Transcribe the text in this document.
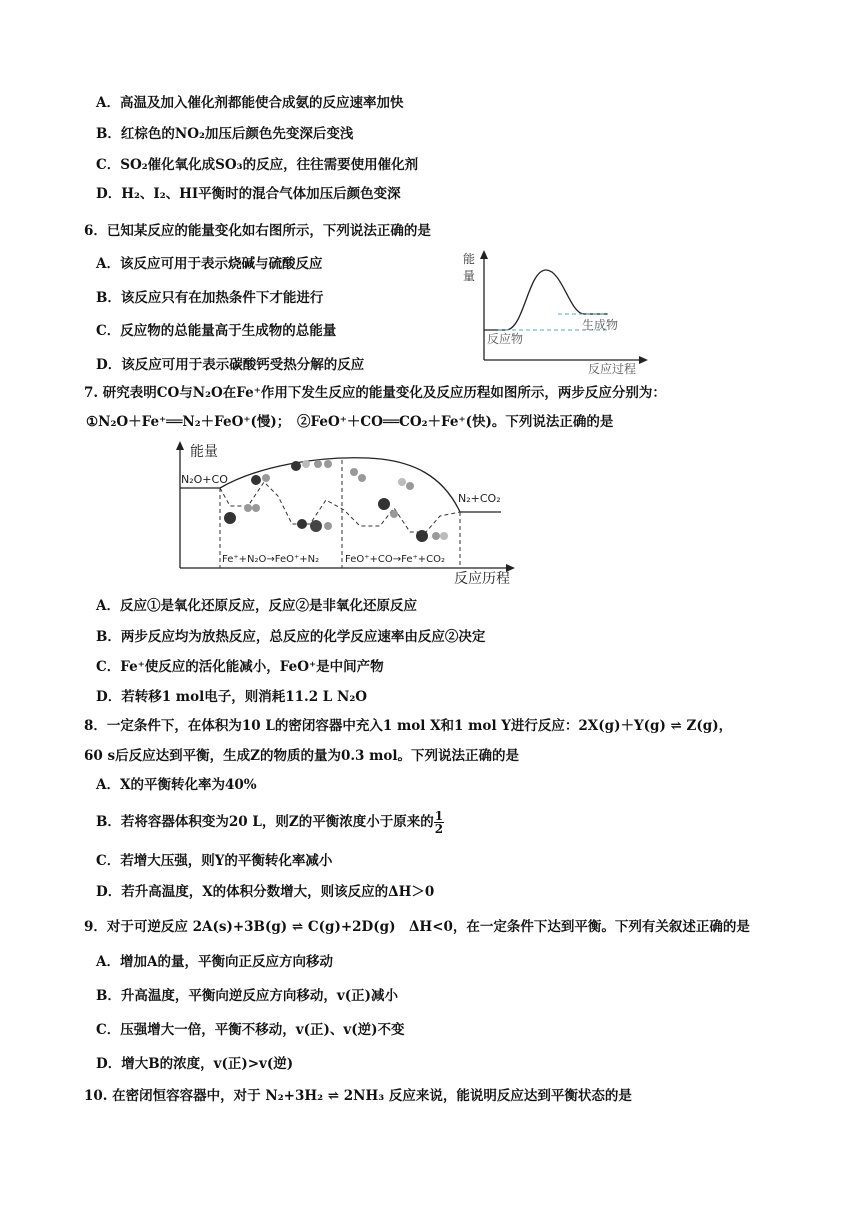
A．高温及加入催化剂都能使合成氨的反应速率加快
B．红棕色的NO₂加压后颜色先变深后变浅
C．SO₂催化氧化成SO₃的反应，往往需要使用催化剂
D．H₂、I₂、HI平衡时的混合气体加压后颜色变深
6．已知某反应的能量变化如右图所示，下列说法正确的是
A．该反应可用于表示烧碱与硫酸反应
B．该反应只有在加热条件下才能进行
C．反应物的总能量高于生成物的总能量
D．该反应可用于表示碳酸钙受热分解的反应
能
量
生成物
反应物
反应过程
7. 研究表明CO与N₂O在Fe⁺作用下发生反应的能量变化及反应历程如图所示，两步反应分别为：
①N₂O＋Fe⁺══N₂＋FeO⁺(慢)；　②FeO⁺＋CO══CO₂＋Fe⁺(快)。下列说法正确的是
能量
反应历程
N₂O+CO
N₂+CO₂
Fe⁺+N₂O→FeO⁺+N₂	FeO⁺+CO→Fe⁺+CO₂
A．反应①是氧化还原反应，反应②是非氧化还原反应
B．两步反应均为放热反应，总反应的化学反应速率由反应②决定
C．Fe⁺使反应的活化能减小，FeO⁺是中间产物
D．若转移1 mol电子，则消耗11.2 L N₂O
8．一定条件下，在体积为10 L的密闭容器中充入1 mol X和1 mol Y进行反应：2X(g)＋Y(g) ⇌ Z(g)，
60 s后反应达到平衡，生成Z的物质的量为0.3 mol。下列说法正确的是
A．X的平衡转化率为40%
B．若将容器体积变为20 L，则Z的平衡浓度小于原来的 $\frac{1}{2}$
C．若增大压强，则Y的平衡转化率减小
D．若升高温度，X的体积分数增大，则该反应的ΔH＞0
9．对于可逆反应 2A(s)+3B(g) ⇌ C(g)+2D(g)　ΔH<0，在一定条件下达到平衡。下列有关叙述正确的是
A．增加A的量，平衡向正反应方向移动
B．升高温度，平衡向逆反应方向移动，v(正)减小
C．压强增大一倍，平衡不移动，v(正)、v(逆)不变
D．增大B的浓度，v(正)>v(逆)
10. 在密闭恒容容器中，对于 N₂+3H₂ ⇌ 2NH₃ 反应来说，能说明反应达到平衡状态的是
